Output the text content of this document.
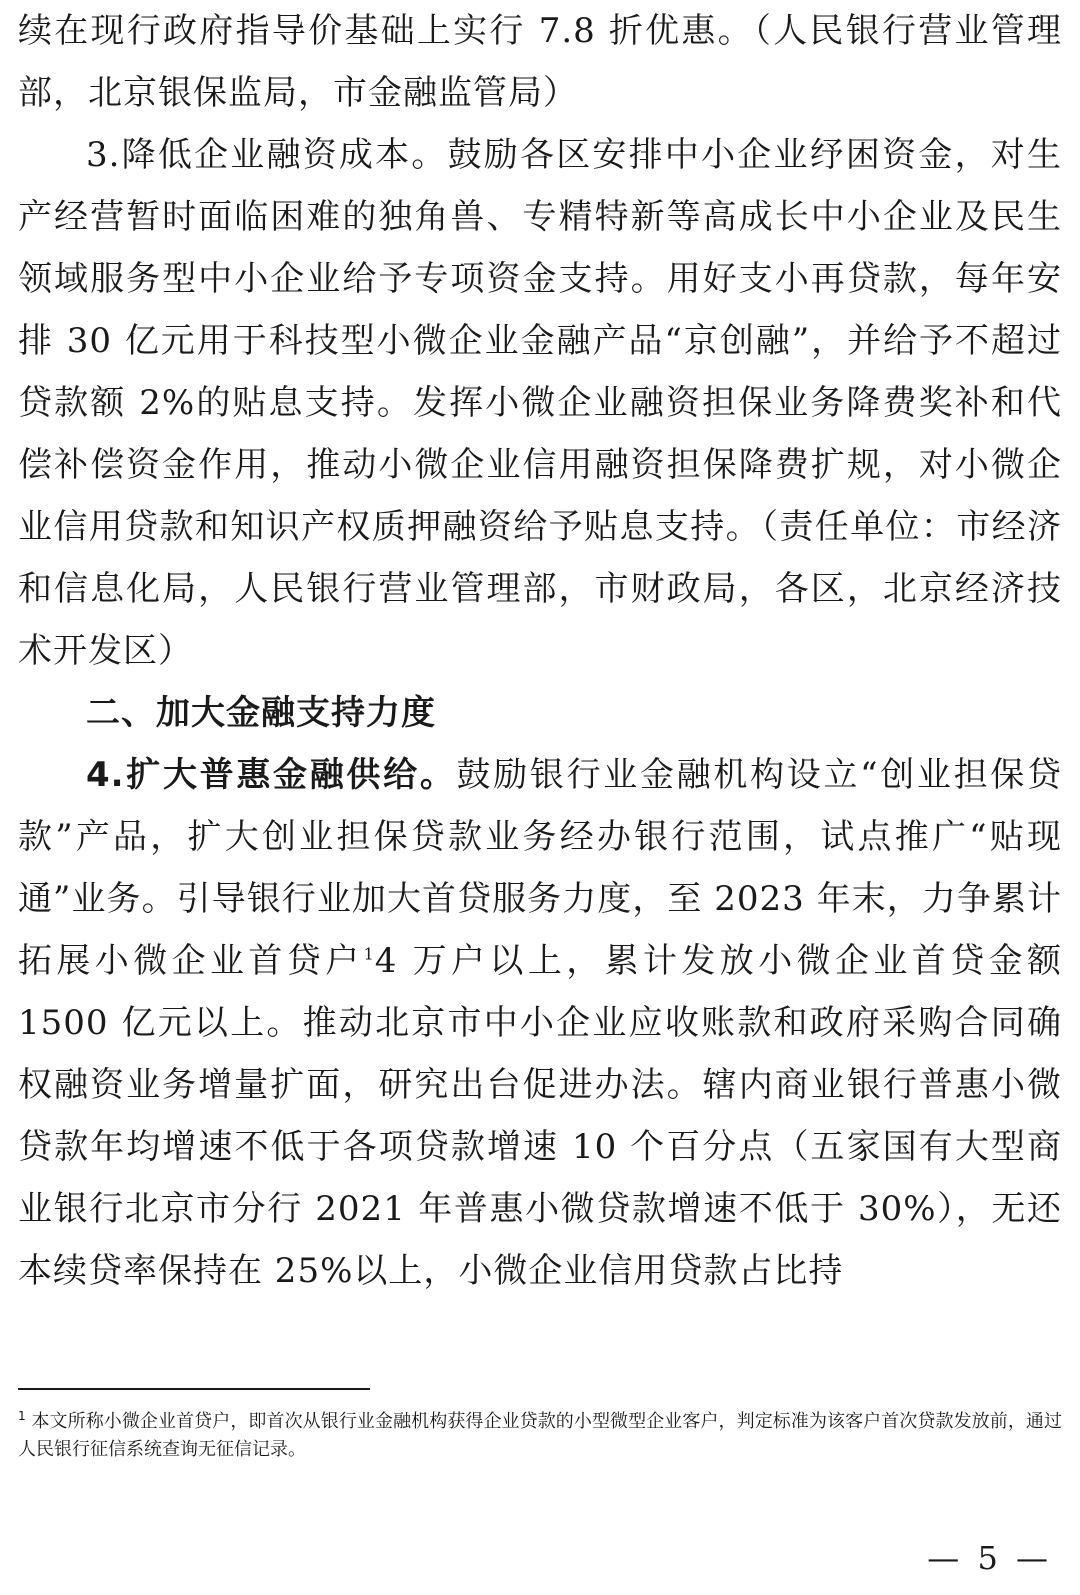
续在现行政府指导价基础上实行 7.8 折优惠。（人民银行营业管理部，北京银保监局，市金融监管局）

3.降低企业融资成本。鼓励各区安排中小企业纾困资金，对生产经营暂时面临困难的独角兽、专精特新等高成长中小企业及民生领域服务型中小企业给予专项资金支持。用好支小再贷款，每年安排 30 亿元用于科技型小微企业金融产品“京创融”，并给予不超过贷款额 2%的贴息支持。发挥小微企业融资担保业务降费奖补和代偿补偿资金作用，推动小微企业信用融资担保降费扩规，对小微企业信用贷款和知识产权质押融资给予贴息支持。（责任单位：市经济和信息化局，人民银行营业管理部，市财政局，各区，北京经济技术开发区）

二、加大金融支持力度

4.扩大普惠金融供给。鼓励银行业金融机构设立“创业担保贷款”产品，扩大创业担保贷款业务经办银行范围，试点推广“贴现通”业务。引导银行业加大首贷服务力度，至 2023 年末，力争累计拓展小微企业首贷户$^1$4 万户以上，累计发放小微企业首贷金额 1500 亿元以上。推动北京市中小企业应收账款和政府采购合同确权融资业务增量扩面，研究出台促进办法。辖内商业银行普惠小微贷款年均增速不低于各项贷款增速 10 个百分点（五家国有大型商业银行北京市分行 2021 年普惠小微贷款增速不低于 30%），无还本续贷率保持在 25%以上，小微企业信用贷款占比持

$^1$ 本文所称小微企业首贷户，即首次从银行业金融机构获得企业贷款的小型微型企业客户，判定标准为该客户首次贷款发放前，通过人民银行征信系统查询无征信记录。

— 5 —
